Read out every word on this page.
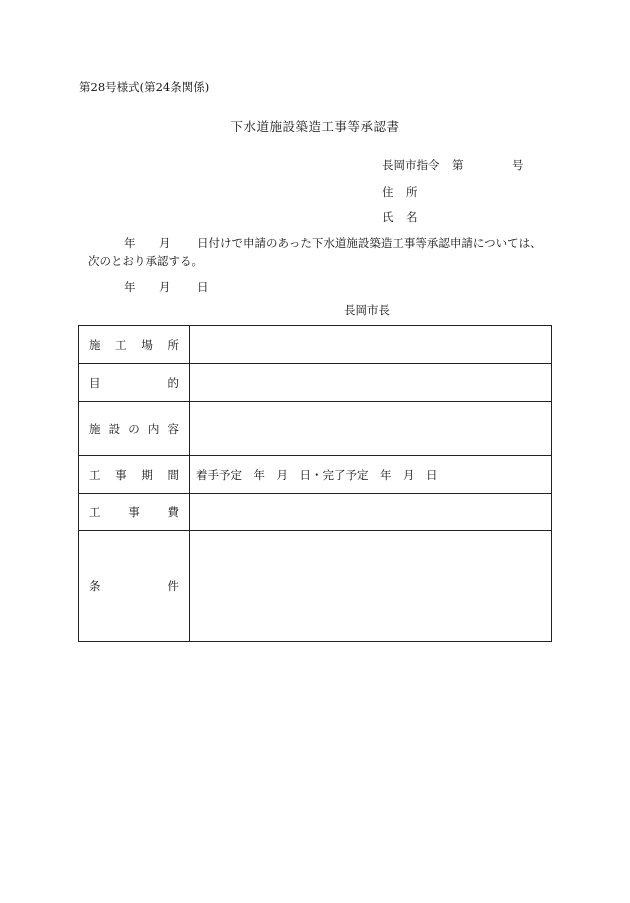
第28号様式(第24条関係)
下水道施設築造工事等承認書
長岡市指令 第	号
住 所
氏 名
年 月 日付けで申請のあった下水道施設築造工事等承認申請については、
次のとおり承認する。
年 月 日
長岡市長
施 工 場 所	

目 的	

施 設 の 内 容	

工 事 期 間	着手予定　年　月　日・完了予定　年　月　日

工 事 費	

条 件	
